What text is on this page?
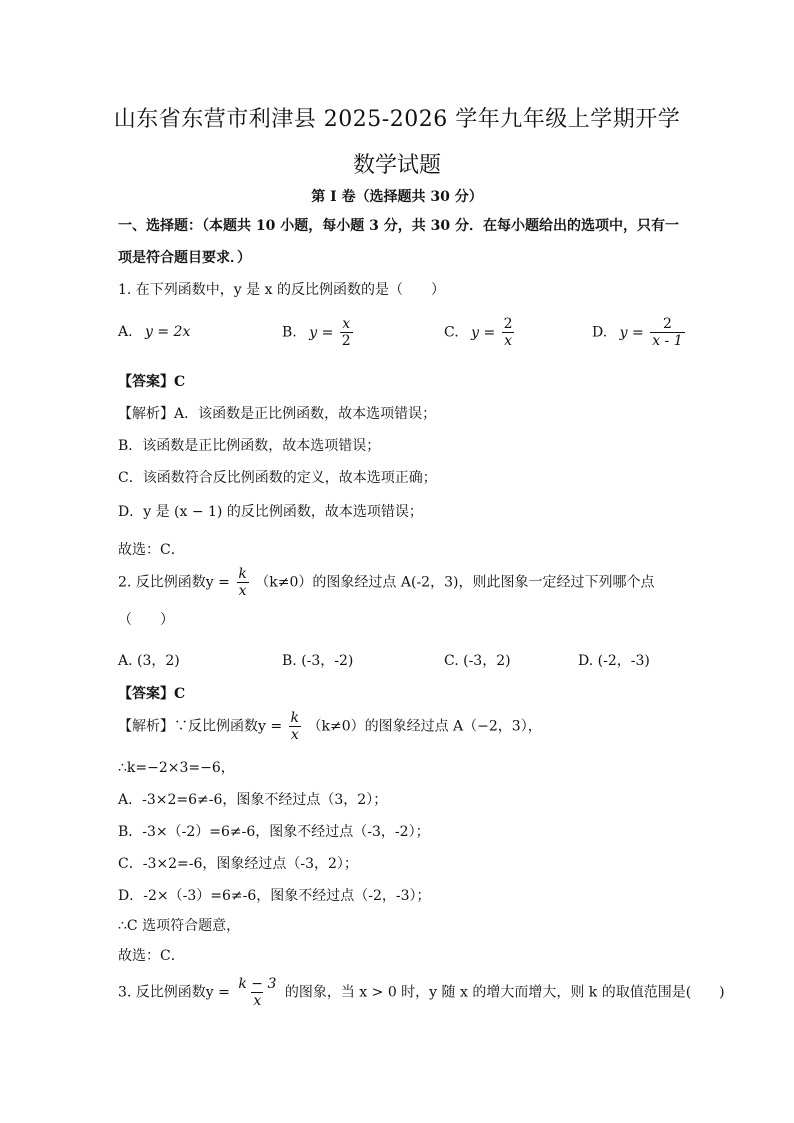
山东省东营市利津县 2025-2026 学年九年级上学期开学
数学试题
第 I 卷（选择题共 30 分）
一、选择题：（本题共 10 小题，每小题 3 分，共 30 分．在每小题给出的选项中，只有一
项是符合题目要求．）
1. 在下列函数中，y 是 x 的反比例函数的是（　　）
A. y = 2x	B. $y = \frac{x}{2}$	C. $y = \frac{2}{x}$	D. $y = \frac{2}{x - 1}$
【答案】C
【解析】A．该函数是正比例函数，故本选项错误；
B．该函数是正比例函数，故本选项错误；
C．该函数符合反比例函数的定义，故本选项正确；
D．y 是 (x − 1) 的反比例函数，故本选项错误；
故选：C．
2. 反比例函数$y = \frac{k}{x} (k\ne 0)$的图象经过点 A(-2，3)，则此图象一定经过下列哪个点
（　　）
A. (3，2)	B. (-3，-2)	C. (-3，2)	D. (-2，-3)
【答案】C
【解析】∵反比例函数$y = \frac{k}{x} (k\ne 0)$的图象经过点 A（−2，3），
∴k=−2×3=−6，
A．-3×2=6≠-6，图象不经过点（3，2）；
B．-3×（-2）=6≠-6，图象不经过点（-3，-2）；
C．-3×2=-6，图象经过点（-3，2）；
D．-2×（-3）=6≠-6，图象不经过点（-2，-3）；
∴C 选项符合题意，
故选：C．
3. 反比例函数$y = \frac{k - 3}{x}$ 的图象，当 x > 0 时，y 随 x 的增大而增大，则 k 的取值范围是(　　)
